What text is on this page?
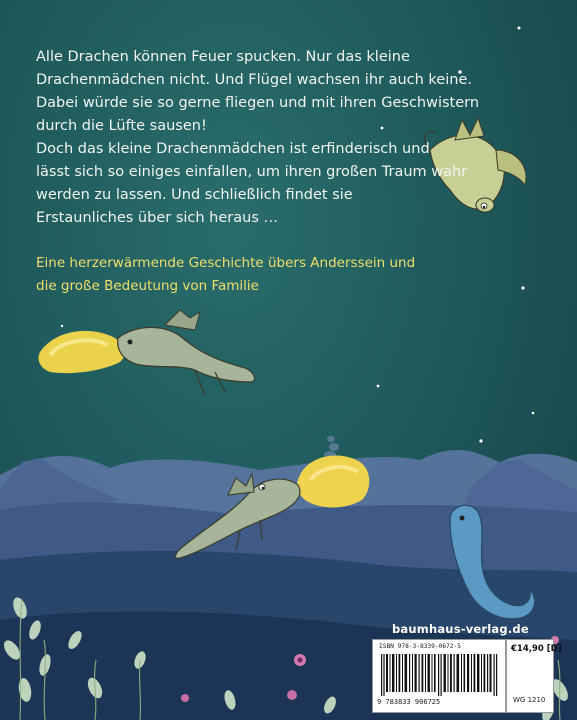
Alle Drachen können Feuer spucken. Nur das kleine
Drachenmädchen nicht. Und Flügel wachsen ihr auch keine.
Dabei würde sie so gerne fliegen und mit ihren Geschwistern
durch die Lüfte sausen!
Doch das kleine Drachenmädchen ist erfinderisch und
lässt sich so einiges einfallen, um ihren großen Traum wahr
werden zu lassen. Und schließlich findet sie
Erstaunliches über sich heraus …

Eine herzerwärmende Geschichte übers Anderssein und
die große Bedeutung von Familie

baumhaus-verlag.de
ISBN 978-3-8339-0672-5
9 783833 906725
€14,90 [D]
WG 1210
